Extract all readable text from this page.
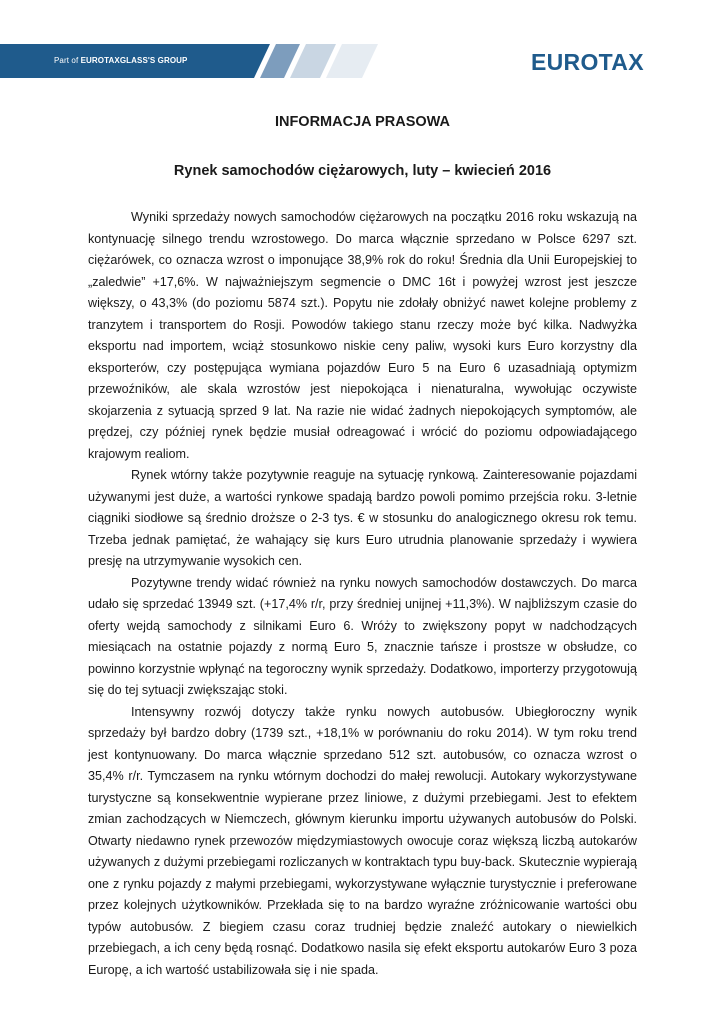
Part of EUROTAXGLASS'S GROUP	EUROTAX
INFORMACJA PRASOWA
Rynek samochodów ciężarowych, luty – kwiecień 2016

Wyniki sprzedaży nowych samochodów ciężarowych na początku 2016 roku wskazują na kontynuację silnego trendu wzrostowego. Do marca włącznie sprzedano w Polsce 6297 szt. ciężarówek, co oznacza wzrost o imponujące 38,9% rok do roku! Średnia dla Unii Europejskiej to „zaledwie” +17,6%. W najważniejszym segmencie o DMC 16t i powyżej wzrost jest jeszcze większy, o 43,3% (do poziomu 5874 szt.). Popytu nie zdołały obniżyć nawet kolejne problemy z tranzytem i transportem do Rosji. Powodów takiego stanu rzeczy może być kilka. Nadwyżka eksportu nad importem, wciąż stosunkowo niskie ceny paliw, wysoki kurs Euro korzystny dla eksporterów, czy postępująca wymiana pojazdów Euro 5 na Euro 6 uzasadniają optymizm przewoźników, ale skala wzrostów jest niepokojąca i nienaturalna, wywołując oczywiste skojarzenia z sytuacją sprzed 9 lat. Na razie nie widać żadnych niepokojących symptomów, ale prędzej, czy później rynek będzie musiał odreagować i wrócić do poziomu odpowiadającego krajowym realiom.

Rynek wtórny także pozytywnie reaguje na sytuację rynkową. Zainteresowanie pojazdami używanymi jest duże, a wartości rynkowe spadają bardzo powoli pomimo przejścia roku. 3-letnie ciągniki siodłowe są średnio droższe o 2-3 tys. € w stosunku do analogicznego okresu rok temu. Trzeba jednak pamiętać, że wahający się kurs Euro utrudnia planowanie sprzedaży i wywiera presję na utrzymywanie wysokich cen.

Pozytywne trendy widać również na rynku nowych samochodów dostawczych. Do marca udało się sprzedać 13949 szt. (+17,4% r/r, przy średniej unijnej +11,3%). W najbliższym czasie do oferty wejdą samochody z silnikami Euro 6. Wróży to zwiększony popyt w nadchodzących miesiącach na ostatnie pojazdy z normą Euro 5, znacznie tańsze i prostsze w obsłudze, co powinno korzystnie wpłynąć na tegoroczny wynik sprzedaży. Dodatkowo, importerzy przygotowują się do tej sytuacji zwiększając stoki.

Intensywny rozwój dotyczy także rynku nowych autobusów. Ubiegłoroczny wynik sprzedaży był bardzo dobry (1739 szt., +18,1% w porównaniu do roku 2014). W tym roku trend jest kontynuowany. Do marca włącznie sprzedano 512 szt. autobusów, co oznacza wzrost o 35,4% r/r. Tymczasem na rynku wtórnym dochodzi do małej rewolucji. Autokary wykorzystywane turystyczne są konsekwentnie wypierane przez liniowe, z dużymi przebiegami. Jest to efektem zmian zachodzących w Niemczech, głównym kierunku importu używanych autobusów do Polski. Otwarty niedawno rynek przewozów międzymiastowych owocuje coraz większą liczbą autokarów używanych z dużymi przebiegami rozliczanych w kontraktach typu buy-back. Skutecznie wypierają one z rynku pojazdy z małymi przebiegami, wykorzystywane wyłącznie turystycznie i preferowane przez kolejnych użytkowników. Przekłada się to na bardzo wyraźne zróżnicowanie wartości obu typów autobusów. Z biegiem czasu coraz trudniej będzie znaleźć autokary o niewielkich przebiegach, a ich ceny będą rosnąć. Dodatkowo nasila się efekt eksportu autokarów Euro 3 poza Europę, a ich wartość ustabilizowała się i nie spada.
